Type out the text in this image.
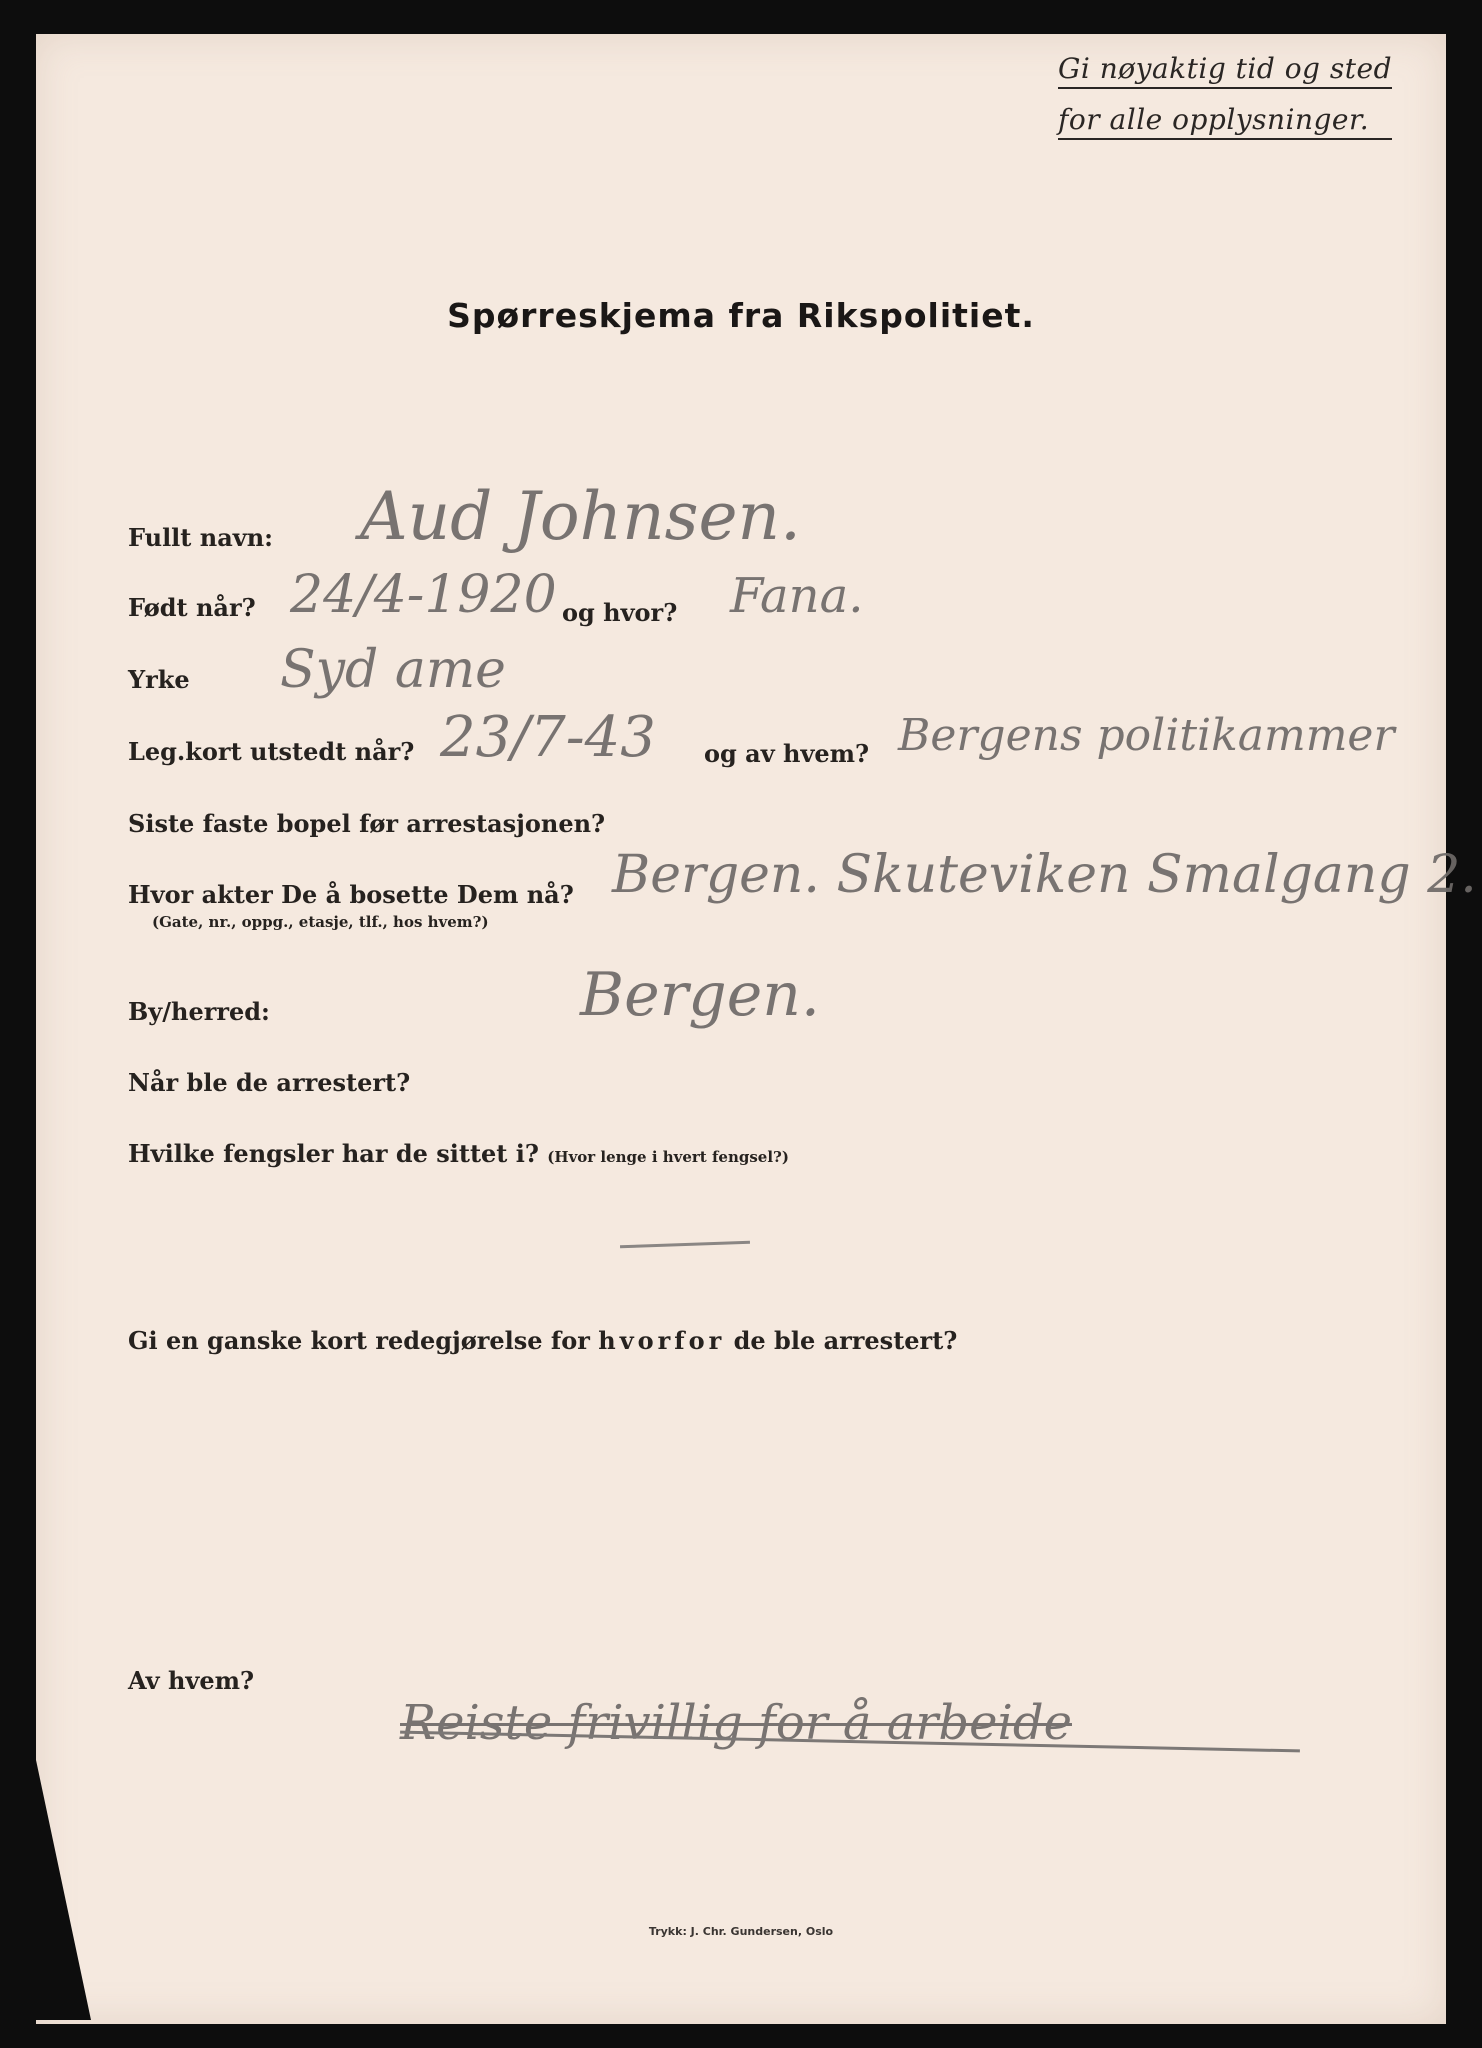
Gi nøyaktig tid og sted
for alle opplysninger.
Spørreskjema fra Rikspolitiet.
Fullt navn: Aud Johnsen.
Født når? 24/4-1920 og hvor? Fana.
Yrke Syd ame
Leg.kort utstedt når? 23/7-43 og av hvem? Bergens politikammer
Siste faste bopel før arrestasjonen?
Hvor akter De å bosette Dem nå?
(Gate, nr., oppg., etasje, tlf., hos hvem?)
Bergen. Skuteviken Smalgang 2.
By/herred:	Bergen.
Når ble de arrestert?
Hvilke fengsler har de sittet i? (Hvor lenge i hvert fengsel?)
Gi en ganske kort redegjørelse for hvorfor de ble arrestert?
Av hvem?
Reiste frivillig for å arbeide
Trykk: J. Chr. Gundersen, Oslo
